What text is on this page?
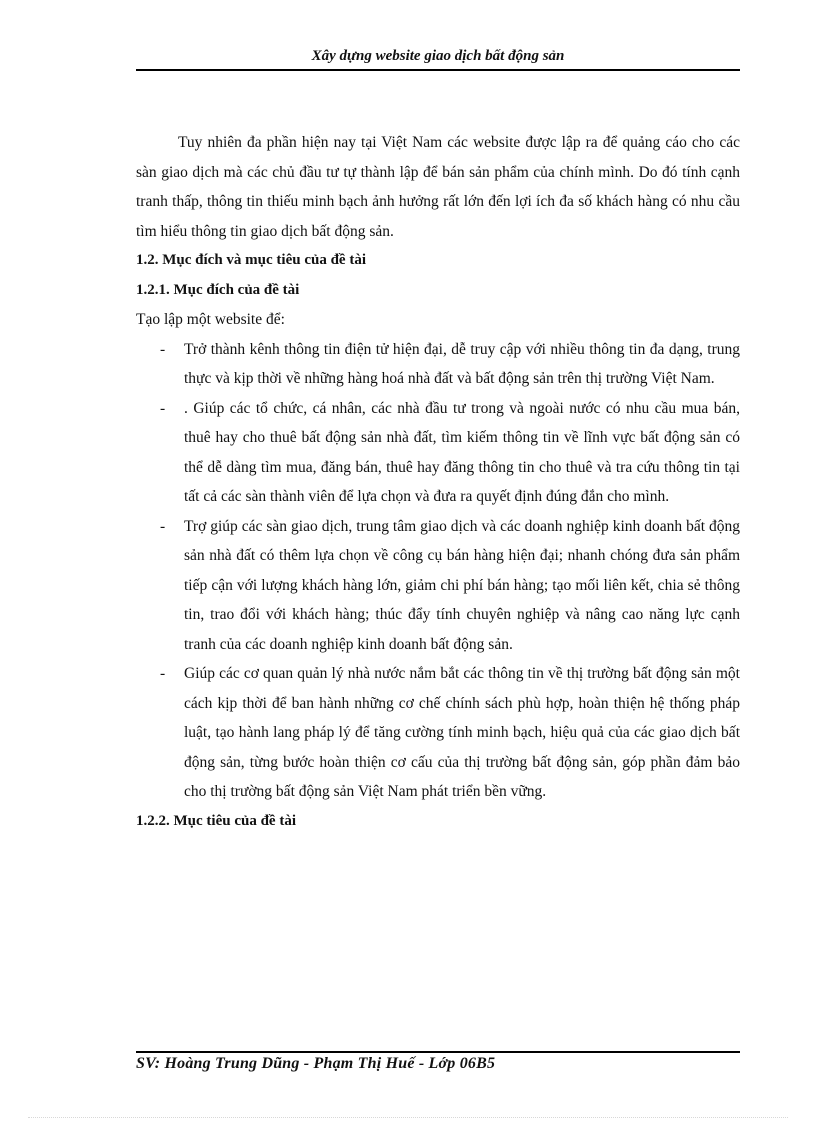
Xây dựng website giao dịch bất động sản

Tuy nhiên đa phần hiện nay tại Việt Nam các website được lập ra để quảng cáo cho các sàn giao dịch mà các chủ đầu tư tự thành lập để bán sản phẩm của chính mình. Do đó tính cạnh tranh thấp, thông tin thiếu minh bạch ảnh hưởng rất lớn đến lợi ích đa số khách hàng có nhu cầu tìm hiểu thông tin giao dịch bất động sản.

1.2. Mục đích và mục tiêu của đề tài

1.2.1. Mục đích của đề tài

Tạo lập một website để:

- Trở thành kênh thông tin điện tử hiện đại, dễ truy cập với nhiều thông tin đa dạng, trung thực và kịp thời về những hàng hoá nhà đất và bất động sản trên thị trường Việt Nam.
- . Giúp các tổ chức, cá nhân, các nhà đầu tư trong và ngoài nước có nhu cầu mua bán, thuê hay cho thuê bất động sản nhà đất, tìm kiếm thông tin về lĩnh vực bất động sản có thể dễ dàng tìm mua, đăng bán, thuê hay đăng thông tin cho thuê và tra cứu thông tin tại tất cả các sàn thành viên để lựa chọn và đưa ra quyết định đúng đắn cho mình.
- Trợ giúp các sàn giao dịch, trung tâm giao dịch và các doanh nghiệp kinh doanh bất động sản nhà đất có thêm lựa chọn về công cụ bán hàng hiện đại; nhanh chóng đưa sản phẩm tiếp cận với lượng khách hàng lớn, giảm chi phí bán hàng; tạo mối liên kết, chia sẻ thông tin, trao đổi với khách hàng; thúc đẩy tính chuyên nghiệp và nâng cao năng lực cạnh tranh của các doanh nghiệp kinh doanh bất động sản.
- Giúp các cơ quan quản lý nhà nước nắm bắt các thông tin về thị trường bất động sản một cách kịp thời để ban hành những cơ chế chính sách phù hợp, hoàn thiện hệ thống pháp luật, tạo hành lang pháp lý để tăng cường tính minh bạch, hiệu quả của các giao dịch bất động sản, từng bước hoàn thiện cơ cấu của thị trường bất động sản, góp phần đảm bảo cho thị trường bất động sản Việt Nam phát triển bền vững.

1.2.2. Mục tiêu của đề tài

SV: Hoàng Trung Dũng - Phạm Thị Huế - Lớp 06B5
